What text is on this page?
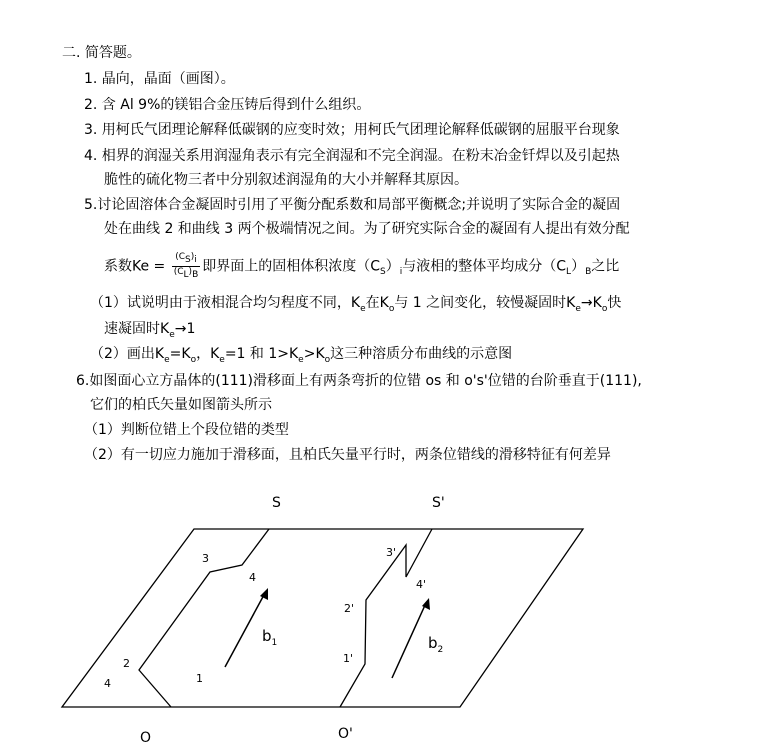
二. 简答题。
1. 晶向，晶面（画图）。
2. 含 Al 9%的镁铝合金压铸后得到什么组织。
3. 用柯氏气团理论解释低碳钢的应变时效；用柯氏气团理论解释低碳钢的屈服平台现象
4. 相界的润湿关系用润湿角表示有完全润湿和不完全润湿。在粉末冶金钎焊以及引起热
脆性的硫化物三者中分别叙述润湿角的大小并解释其原因。
5.讨论固溶体合金凝固时引用了平衡分配系数和局部平衡概念;并说明了实际合金的凝固
处在曲线 2 和曲线 3 两个极端情况之间。为了研究实际合金的凝固有人提出有效分配
系数$Ke = \frac{(C_S)_i}{(C_L)_B}$ 即界面上的固相体积浓度$(C_S)_i$与液相的整体平均成分$(C_L)_B$之比
（1）试说明由于液相混合均匀程度不同，$K_e$在$K_o$与 1 之间变化，较慢凝固时$K_e\to K_o$快
速凝固时$K_e\to 1$
（2）画出$K_e=K_o$，$K_e=1$ 和 $1>K_e>K_o$这三种溶质分布曲线的示意图
6.如图面心立方晶体的(111)滑移面上有两条弯折的位错 os 和 o's'位错的台阶垂直于(111),
它们的柏氏矢量如图箭头所示
（1）判断位错上个段位错的类型
（2）有一切应力施加于滑移面，且柏氏矢量平行时，两条位错线的滑移特征有何差异
S	S'
O	O'
3
4
2
4	1
3'
4'
2'
1'
$b_1$	$b_2$
